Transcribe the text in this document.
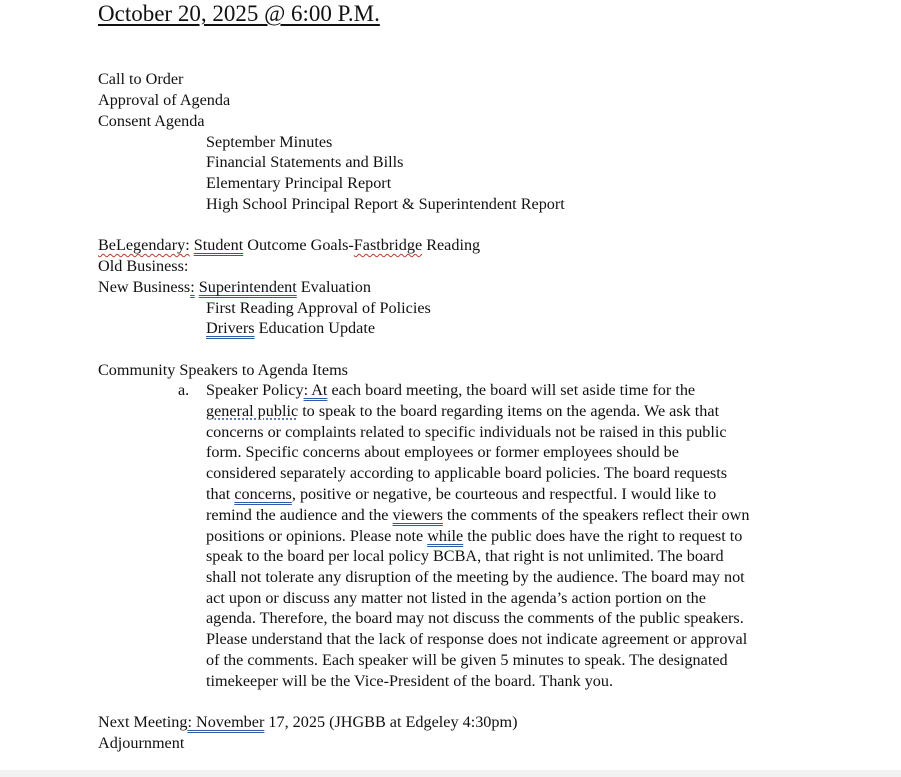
October 20, 2025 @ 6:00 P.M.
Call to Order
Approval of Agenda
Consent Agenda
September Minutes
Financial Statements and Bills
Elementary Principal Report
High School Principal Report & Superintendent Report
BeLegendary: Student Outcome Goals-Fastbridge Reading
Old Business:
New Business: Superintendent Evaluation
First Reading Approval of Policies
Drivers Education Update
Community Speakers to Agenda Items
a. Speaker Policy: At each board meeting, the board will set aside time for the
general public to speak to the board regarding items on the agenda. We ask that
concerns or complaints related to specific individuals not be raised in this public
form. Specific concerns about employees or former employees should be
considered separately according to applicable board policies. The board requests
that concerns, positive or negative, be courteous and respectful. I would like to
remind the audience and the viewers the comments of the speakers reflect their own
positions or opinions. Please note while the public does have the right to request to
speak to the board per local policy BCBA, that right is not unlimited. The board
shall not tolerate any disruption of the meeting by the audience. The board may not
act upon or discuss any matter not listed in the agenda’s action portion on the
agenda. Therefore, the board may not discuss the comments of the public speakers.
Please understand that the lack of response does not indicate agreement or approval
of the comments. Each speaker will be given 5 minutes to speak. The designated
timekeeper will be the Vice-President of the board. Thank you.
Next Meeting: November 17, 2025 (JHGBB at Edgeley 4:30pm)
Adjournment
